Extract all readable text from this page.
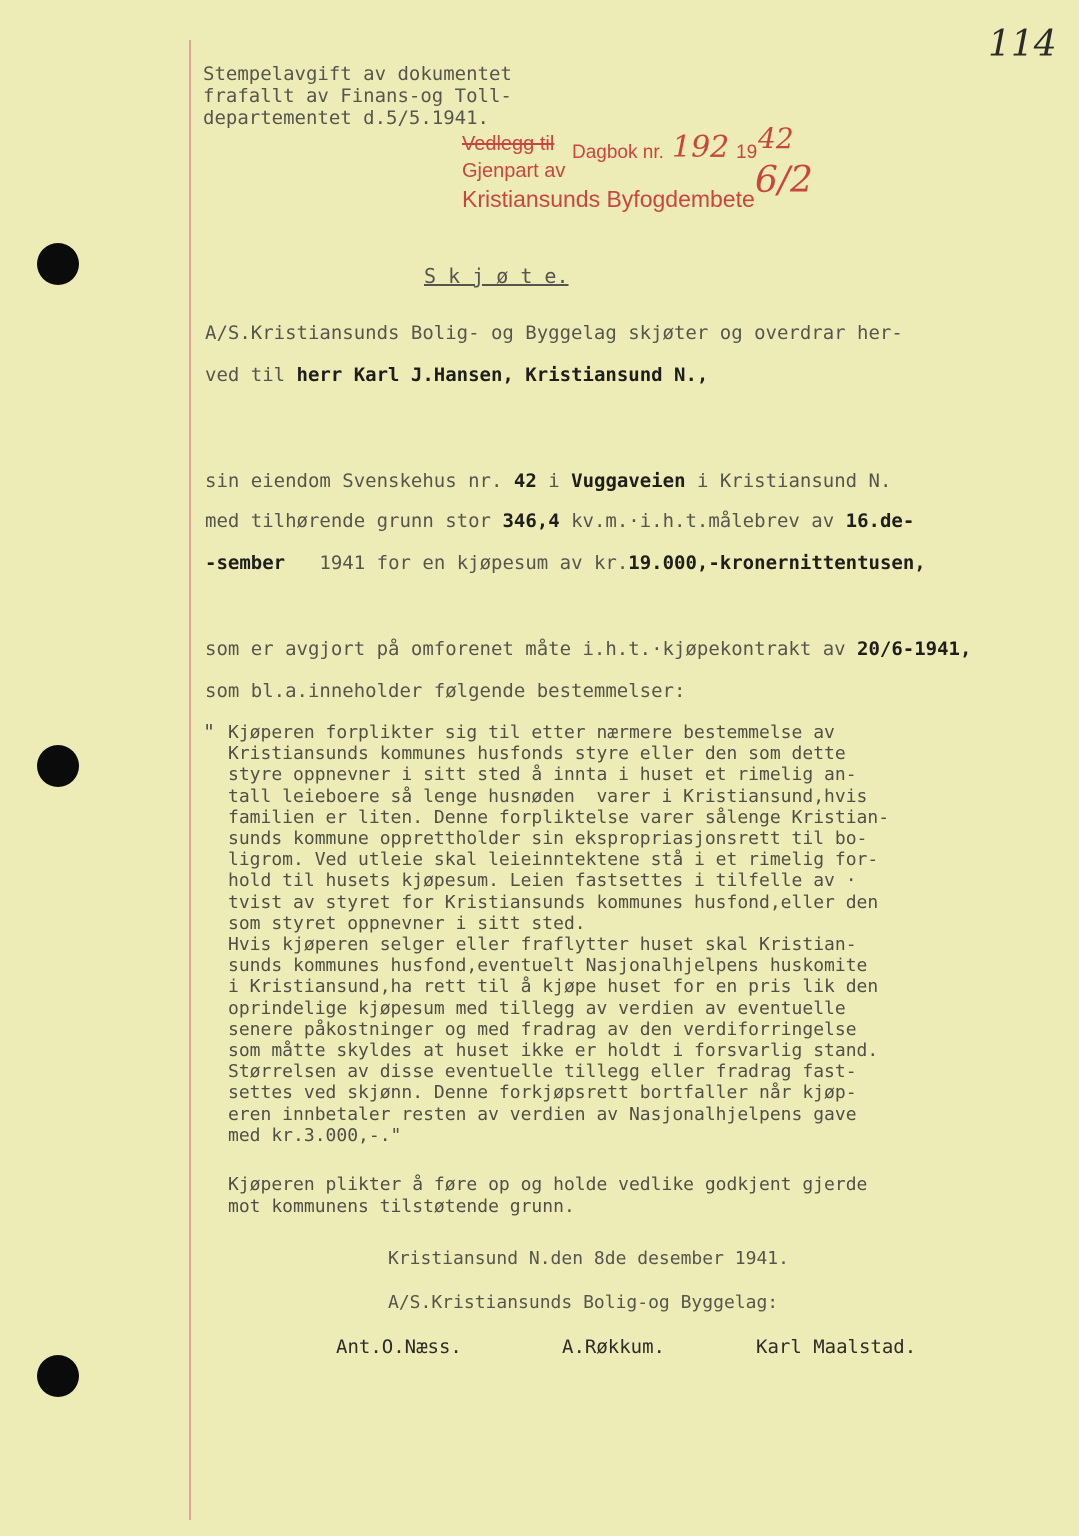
114
Stempelavgift av dokumentet
frafallt av Finans-og Toll-
departementet d.5/5.1941.
Vedlegg til Dagbok nr. 192 19 42
6/2
Gjenpart av
Kristiansunds Byfogdembete
S k j ø t e.
A/S.Kristiansunds Bolig- og Byggelag skjøter og overdrar her-
ved til herr Karl J.Hansen, Kristiansund N.,
sin eiendom Svenskehus nr. 42 i Vuggaveien i Kristiansund N.
med tilhørende grunn stor 346,4 kv.m.·i.h.t.målebrev av 16.de-
-sember 1941 for en kjøpesum av kr.19.000,-kronernittentusen,
som er avgjort på omforenet måte i.h.t.·kjøpekontrakt av 20/6-1941,
som bl.a.inneholder følgende bestemmelser:
" Kjøperen forplikter sig til etter nærmere bestemmelse av
Kristiansunds kommunes husfonds styre eller den som dette
styre oppnevner i sitt sted å innta i huset et rimelig an-
tall leieboere så lenge husnøden  varer i Kristiansund,hvis
familien er liten. Denne forpliktelse varer sålenge Kristian-
sunds kommune opprettholder sin ekspropriasjonsrett til bo-
ligrom. Ved utleie skal leieinntektene stå i et rimelig for-
hold til husets kjøpesum. Leien fastsettes i tilfelle av ·
tvist av styret for Kristiansunds kommunes husfond,eller den
som styret oppnevner i sitt sted.
Hvis kjøperen selger eller fraflytter huset skal Kristian-
sunds kommunes husfond,eventuelt Nasjonalhjelpens huskomite
i Kristiansund,ha rett til å kjøpe huset for en pris lik den
oprindelige kjøpesum med tillegg av verdien av eventuelle
senere påkostninger og med fradrag av den verdiforringelse
som måtte skyldes at huset ikke er holdt i forsvarlig stand.
Størrelsen av disse eventuelle tillegg eller fradrag fast-
settes ved skjønn. Denne forkjøpsrett bortfaller når kjøp-
eren innbetaler resten av verdien av Nasjonalhjelpens gave
med kr.3.000,-."
Kjøperen plikter å føre op og holde vedlike godkjent gjerde
mot kommunens tilstøtende grunn.
Kristiansund N.den 8de desember 1941.
A/S.Kristiansunds Bolig-og Byggelag:
Ant.O.Næss.	A.Røkkum.	Karl Maalstad.
